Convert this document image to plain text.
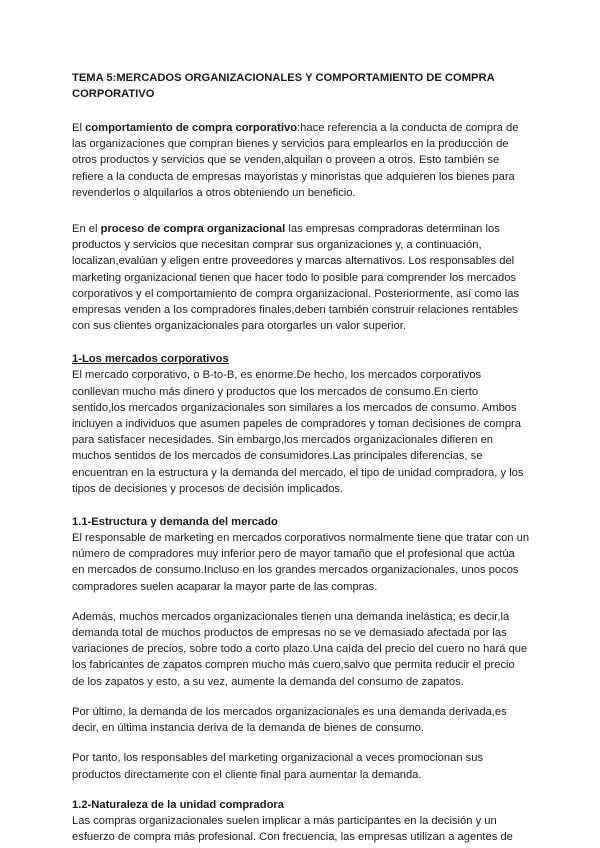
TEMA 5:MERCADOS ORGANIZACIONALES Y COMPORTAMIENTO DE COMPRA CORPORATIVO

El comportamiento de compra corporativo:hace referencia a la conducta de compra de las organizaciones que compran bienes y servicios para emplearlos en la producción de otros productos y servicios que se venden,alquilan o proveen a otros. Esto también se refiere a la conducta de empresas mayoristas y minoristas que adquieren los bienes para revenderlos o alquilarlos a otros obteniendo un beneficio.

En el proceso de compra organizacional las empresas compradoras determinan los productos y servicios que necesitan comprar sus organizaciones y, a continuación, localizan,evalúan y eligen entre proveedores y marcas alternativos. Los responsables del marketing organizacional tienen que hacer todo lo posible para comprender los mercados corporativos y el comportamiento de compra organizacional. Posteriormente, así como las empresas venden a los compradores finales,deben también construir relaciones rentables con sus clientes organizacionales para otorgarles un valor superior.

1-Los mercados corporativos

El mercado corporativo, o B-to-B, es enorme.De hecho, los mercados corporativos conllevan mucho más dinero y productos que los mercados de consumo.En cierto sentido,los mercados organizacionales son similares a los mercados de consumo. Ambos incluyen a individuos que asumen papeles de compradores y toman decisiones de compra para satisfacer necesidades. Sin embargo,los mercados organizacionales difieren en muchos sentidos de los mercados de consumidores.Las principales diferencias, se encuentran en la estructura y la demanda del mercado, el tipo de unidad compradora, y los tipos de decisiones y procesos de decisión implicados.

1.1-Estructura y demanda del mercado

El responsable de marketing en mercados corporativos normalmente tiene que tratar con un número de compradores muy inferior pero de mayor tamaño que el profesional que actúa en mercados de consumo.Incluso en los grandes mercados organizacionales, unos pocos compradores suelen acaparar la mayor parte de las compras.

Además, muchos mercados organizacionales tienen una demanda inelástica; es decir,la demanda total de muchos productos de empresas no se ve demasiado afectada por las variaciones de precios, sobre todo a corto plazo.Una caída del precio del cuero no hará que los fabricantes de zapatos compren mucho más cuero,salvo que permita reducir el precio de los zapatos y esto, a su vez, aumente la demanda del consumo de zapatos.

Por último, la demanda de los mercados organizacionales es una demanda derivada,es decir, en última instancia deriva de la demanda de bienes de consumo.

Por tanto, los responsables del marketing organizacional a veces promocionan sus productos directamente con el cliente final para aumentar la demanda.

1.2-Naturaleza de la unidad compradora

Las compras organizacionales suelen implicar a más participantes en la decisión y un esfuerzo de compra más profesional. Con frecuencia, las empresas utilizan a agentes de
